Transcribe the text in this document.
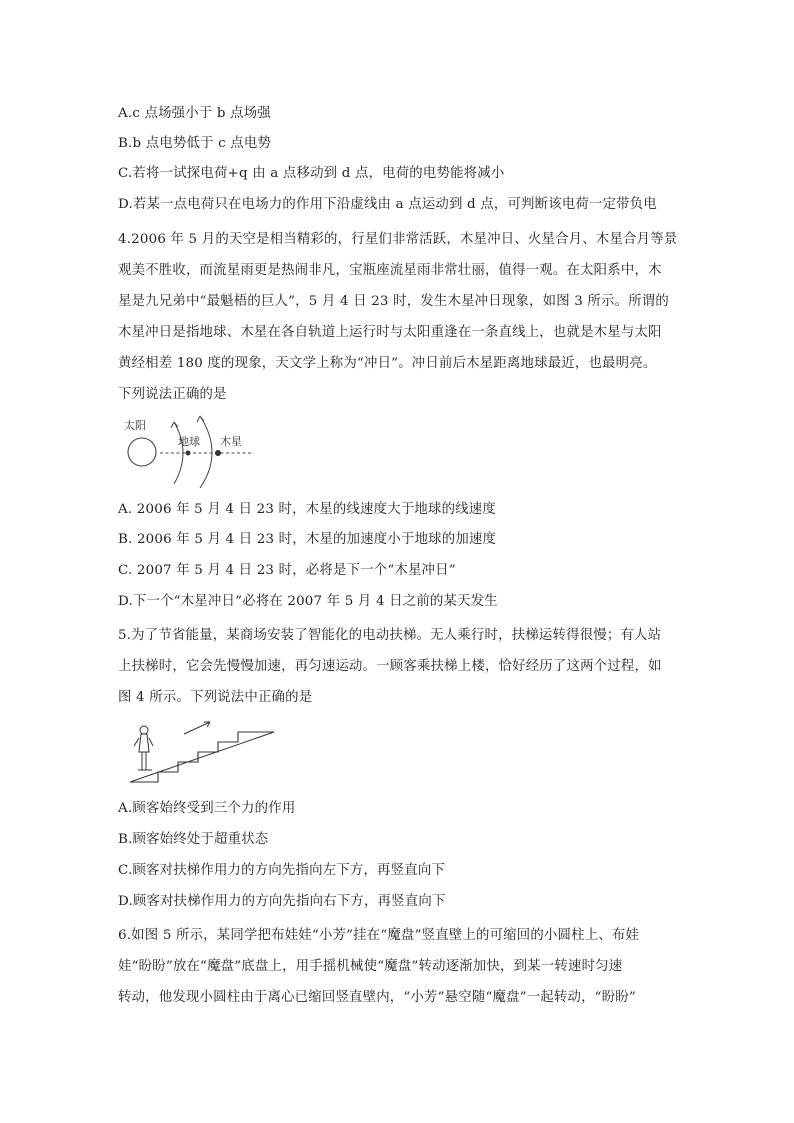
A.c 点场强小于 b 点场强
B.b 点电势低于 c 点电势
C.若将一试探电荷+q 由 a 点移动到 d 点，电荷的电势能将减小
D.若某一点电荷只在电场力的作用下沿虚线由 a 点运动到 d 点，可判断该电荷一定带负电
4.2006 年 5 月的天空是相当精彩的，行星们非常活跃，木星冲日、火星合月、木星合月等景
观美不胜收，而流星雨更是热闹非凡，宝瓶座流星雨非常壮丽，值得一观。在太阳系中，木
星是九兄弟中“最魁梧的巨人”，5 月 4 日 23 时，发生木星冲日现象，如图 3 所示。所谓的
木星冲日是指地球、木星在各自轨道上运行时与太阳重逢在一条直线上，也就是木星与太阳
黄经相差 180 度的现象，天文学上称为“冲日”。冲日前后木星距离地球最近，也最明亮。
下列说法正确的是
太阳
地球 木星
A. 2006 年 5 月 4 日 23 时，木星的线速度大于地球的线速度
B. 2006 年 5 月 4 日 23 时，木星的加速度小于地球的加速度
C. 2007 年 5 月 4 日 23 时，必将是下一个“木星冲日”
D.下一个“木星冲日”必将在 2007 年 5 月 4 日之前的某天发生
5.为了节省能量，某商场安装了智能化的电动扶梯。无人乘行时，扶梯运转得很慢；有人站
上扶梯时，它会先慢慢加速，再匀速运动。一顾客乘扶梯上楼，恰好经历了这两个过程，如
图 4 所示。下列说法中正确的是
A.顾客始终受到三个力的作用
B.顾客始终处于超重状态
C.顾客对扶梯作用力的方向先指向左下方，再竖直向下
D.顾客对扶梯作用力的方向先指向右下方，再竖直向下
6.如图 5 所示，某同学把布娃娃“小芳”挂在“魔盘”竖直壁上的可缩回的小圆柱上、布娃
娃“盼盼”放在“魔盘”底盘上，用手摇机械使“魔盘”转动逐渐加快，到某一转速时匀速
转动，他发现小圆柱由于离心已缩回竖直壁内，“小芳”悬空随“魔盘”一起转动，“盼盼”
